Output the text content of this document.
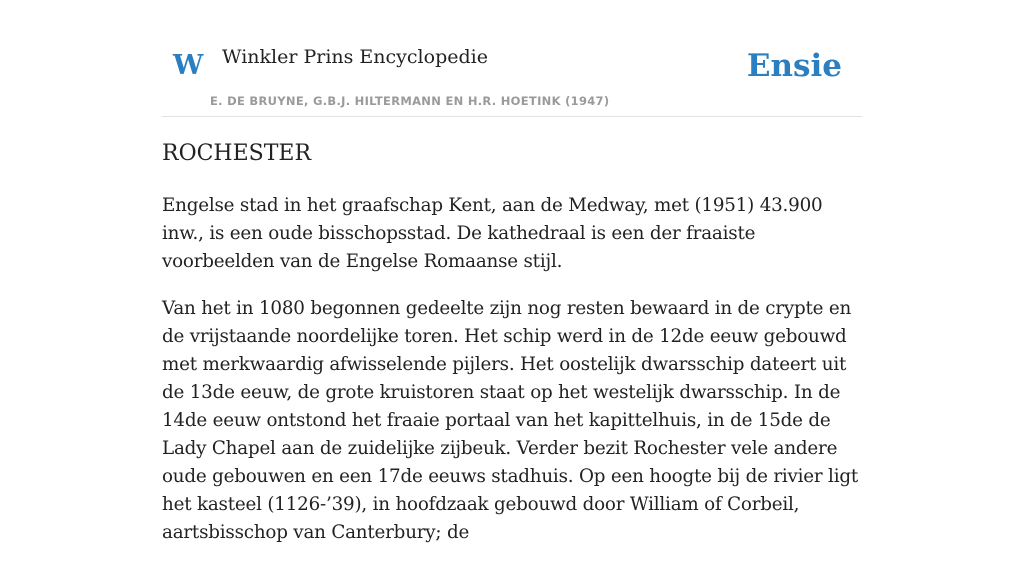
W Winkler Prins Encyclopedie
E. DE BRUYNE, G.B.J. HILTERMANN EN H.R. HOETINK (1947)
Ensie
ROCHESTER

Engelse stad in het graafschap Kent, aan de Medway, met (1951) 43.900 inw., is een oude bisschopsstad. De kathedraal is een der fraaiste voorbeelden van de Engelse Romaanse stijl.

Van het in 1080 begonnen gedeelte zijn nog resten bewaard in de crypte en de vrijstaande noordelijke toren. Het schip werd in de 12de eeuw gebouwd met merkwaardig afwisselende pijlers. Het oostelijk dwarsschip dateert uit de 13de eeuw, de grote kruistoren staat op het westelijk dwarsschip. In de 14de eeuw ontstond het fraaie portaal van het kapittelhuis, in de 15de de Lady Chapel aan de zuidelijke zijbeuk. Verder bezit Rochester vele andere oude gebouwen en een 17de eeuws stadhuis. Op een hoogte bij de rivier ligt het kasteel (1126-’39), in hoofdzaak gebouwd door William of Corbeil, aartsbisschop van Canterbury; de
